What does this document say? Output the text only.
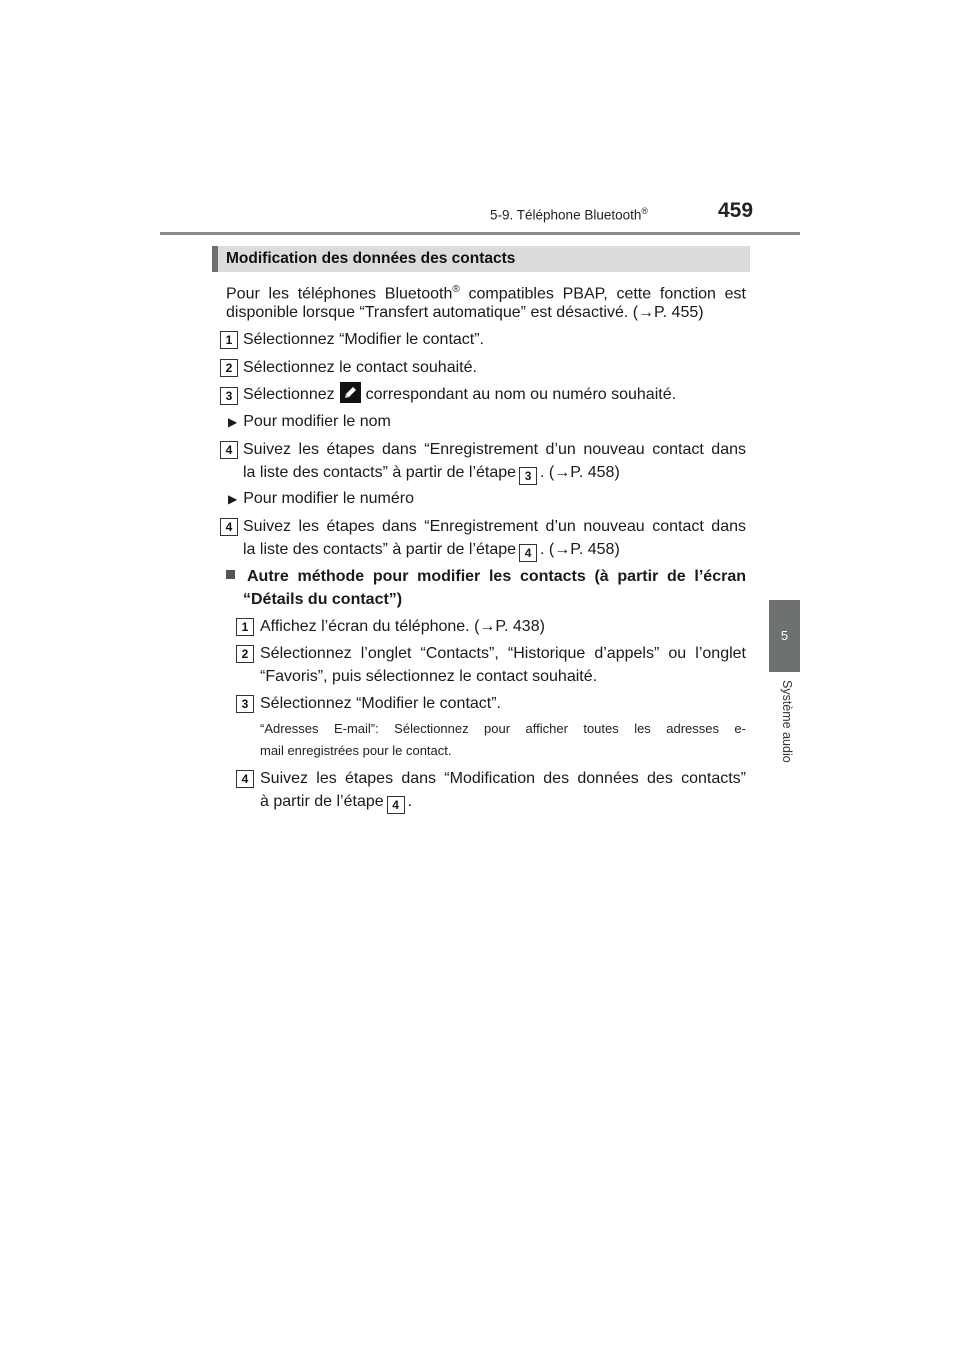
5-9. Téléphone Bluetooth®	459
5
Système audio
Modification des données des contacts
Pour les téléphones Bluetooth® compatibles PBAP, cette fonction est
disponible lorsque “Transfert automatique” est désactivé. (→P. 455)
1 Sélectionnez “Modifier le contact”.
2 Sélectionnez le contact souhaité.
3 Sélectionnez correspondant au nom ou numéro souhaité.
▶ Pour modifier le nom
4 Suivez les étapes dans “Enregistrement d’un nouveau contact dans
la liste des contacts” à partir de l’étape 3 . (→P. 458)
▶ Pour modifier le numéro
4 Suivez les étapes dans “Enregistrement d’un nouveau contact dans
la liste des contacts” à partir de l’étape 4 . (→P. 458)
Autre méthode pour modifier les contacts (à partir de l’écran
“Détails du contact”)
1 Affichez l’écran du téléphone. (→P. 438)
2 Sélectionnez l’onglet “Contacts”, “Historique d’appels” ou l’onglet
“Favoris”, puis sélectionnez le contact souhaité.
3 Sélectionnez “Modifier le contact”.
“Adresses E-mail”: Sélectionnez pour afficher toutes les adresses e-
mail enregistrées pour le contact.
4 Suivez les étapes dans “Modification des données des contacts”
à partir de l’étape 4 .
